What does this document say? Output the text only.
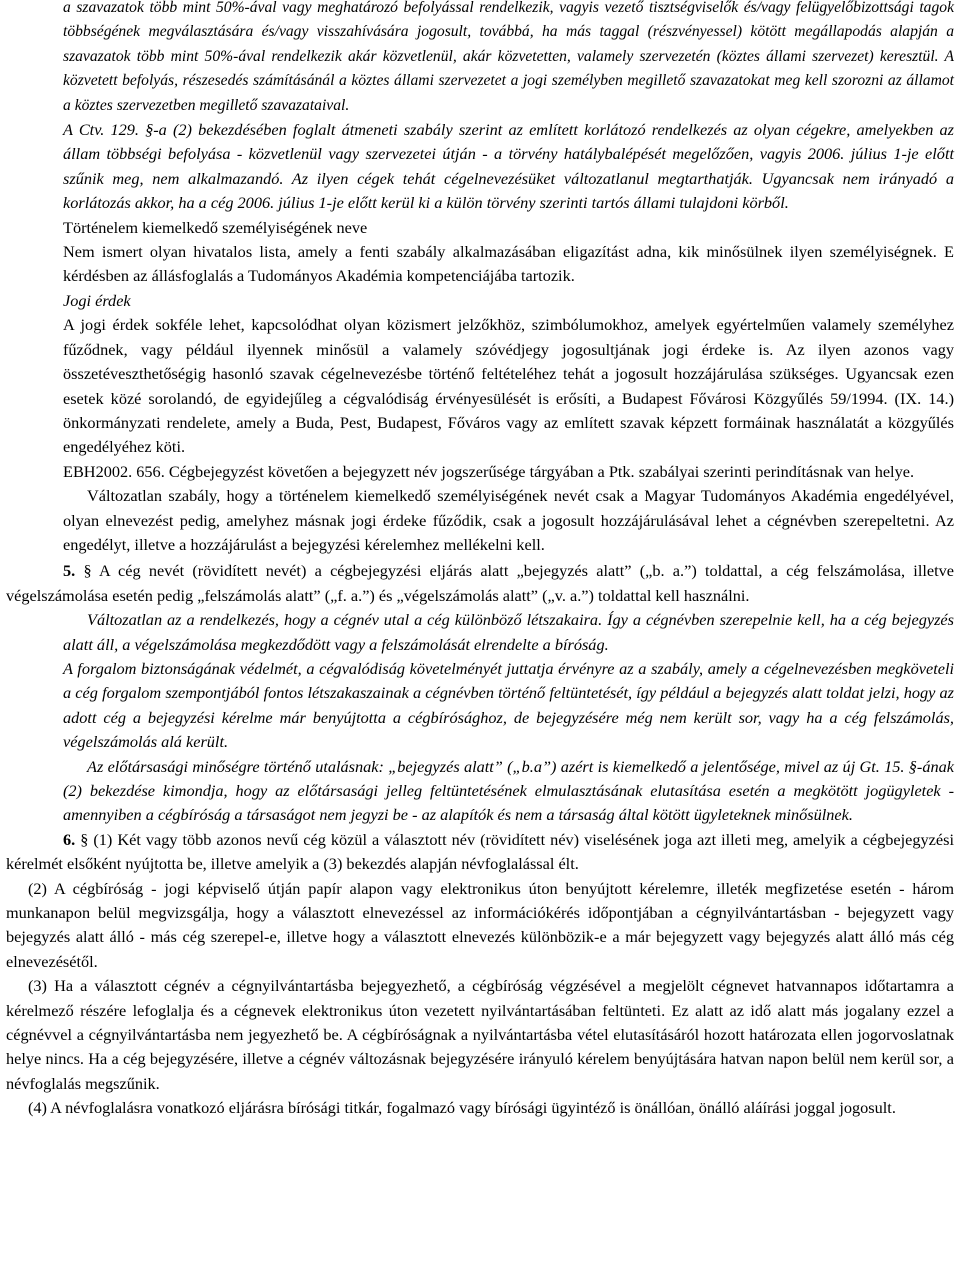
a szavazatok több mint 50%-ával vagy meghatározó befolyással rendelkezik, vagyis vezető tisztségviselők és/vagy felügyelőbizottsági tagok többségének megválasztására és/vagy visszahívására jogosult, továbbá, ha más taggal (részvényessel) kötött megállapodás alapján a szavazatok több mint 50%-ával rendelkezik akár közvetlenül, akár közvetetten, valamely szervezetén (köztes állami szervezet) keresztül. A közvetett befolyás, részesedés számításánál a köztes állami szervezetet a jogi személyben megillető szavazatokat meg kell szorozni az államot a köztes szervezetben megillető szavazataival.

A Ctv. 129. §-a (2) bekezdésében foglalt átmeneti szabály szerint az említett korlátozó rendelkezés az olyan cégekre, amelyekben az állam többségi befolyása - közvetlenül vagy szervezetei útján - a törvény hatálybalépését megelőzően, vagyis 2006. július 1-je előtt szűnik meg, nem alkalmazandó. Az ilyen cégek tehát cégelnevezésüket változatlanul megtarthatják. Ugyancsak nem irányadó a korlátozás akkor, ha a cég 2006. július 1-je előtt kerül ki a külön törvény szerinti tartós állami tulajdoni körből.

Történelem kiemelkedő személyiségének neve

Nem ismert olyan hivatalos lista, amely a fenti szabály alkalmazásában eligazítást adna, kik minősülnek ilyen személyiségnek. E kérdésben az állásfoglalás a Tudományos Akadémia kompetenciájába tartozik.

Jogi érdek

A jogi érdek sokféle lehet, kapcsolódhat olyan közismert jelzőkhöz, szimbólumokhoz, amelyek egyértelműen valamely személyhez fűződnek, vagy például ilyennek minősül a valamely szóvédjegy jogosultjának jogi érdeke is. Az ilyen azonos vagy összetéveszthetőségig hasonló szavak cégelnevezésbe történő feltételéhez tehát a jogosult hozzájárulása szükséges. Ugyancsak ezen esetek közé sorolandó, de egyidejűleg a cégvalódiság érvényesülését is erősíti, a Budapest Fővárosi Közgyűlés 59/1994. (IX. 14.) önkormányzati rendelete, amely a Buda, Pest, Budapest, Főváros vagy az említett szavak képzett formáinak használatát a közgyűlés engedélyéhez köti.

EBH2002. 656. Cégbejegyzést követően a bejegyzett név jogszerűsége tárgyában a Ptk. szabályai szerinti perindításnak van helye.

Változatlan szabály, hogy a történelem kiemelkedő személyiségének nevét csak a Magyar Tudományos Akadémia engedélyével, olyan elnevezést pedig, amelyhez másnak jogi érdeke fűződik, csak a jogosult hozzájárulásával lehet a cégnévben szerepeltetni. Az engedélyt, illetve a hozzájárulást a bejegyzési kérelemhez mellékelni kell.

5. § A cég nevét (rövidített nevét) a cégbejegyzési eljárás alatt „bejegyzés alatt” („b. a.”) toldattal, a cég felszámolása, illetve végelszámolása esetén pedig „felszámolás alatt” („f. a.”) és „végelszámolás alatt” („v. a.”) toldattal kell használni.

Változatlan az a rendelkezés, hogy a cégnév utal a cég különböző létszakaira. Így a cégnévben szerepelnie kell, ha a cég bejegyzés alatt áll, a végelszámolása megkezdődött vagy a felszámolását elrendelte a bíróság.

A forgalom biztonságának védelmét, a cégvalódiság követelményét juttatja érvényre az a szabály, amely a cégelnevezésben megköveteli a cég forgalom szempontjából fontos létszakaszainak a cégnévben történő feltüntetését, így például a bejegyzés alatt toldat jelzi, hogy az adott cég a bejegyzési kérelme már benyújtotta a cégbírósághoz, de bejegyzésére még nem került sor, vagy ha a cég felszámolás, végelszámolás alá került.

Az előtársasági minőségre történő utalásnak: „bejegyzés alatt” („b.a”) azért is kiemelkedő a jelentősége, mivel az új Gt. 15. §-ának (2) bekezdése kimondja, hogy az előtársasági jelleg feltüntetésének elmulasztásának elutasítása esetén a megkötött jogügyletek - amennyiben a cégbíróság a társaságot nem jegyzi be - az alapítók és nem a társaság által kötött ügyleteknek minősülnek.

6. § (1) Két vagy több azonos nevű cég közül a választott név (rövidített név) viselésének joga azt illeti meg, amelyik a cégbejegyzési kérelmét elsőként nyújtotta be, illetve amelyik a (3) bekezdés alapján névfoglalással élt.

(2) A cégbíróság - jogi képviselő útján papír alapon vagy elektronikus úton benyújtott kérelemre, illeték megfizetése esetén - három munkanapon belül megvizsgálja, hogy a választott elnevezéssel az információkérés időpontjában a cégnyilvántartásban - bejegyzett vagy bejegyzés alatt álló - más cég szerepel-e, illetve hogy a választott elnevezés különbözik-e a már bejegyzett vagy bejegyzés alatt álló más cég elnevezésétől.

(3) Ha a választott cégnév a cégnyilvántartásba bejegyezhető, a cégbíróság végzésével a megjelölt cégnevet hatvannapos időtartamra a kérelmező részére lefoglalja és a cégnevek elektronikus úton vezetett nyilvántartásában feltünteti. Ez alatt az idő alatt más jogalany ezzel a cégnévvel a cégnyilvántartásba nem jegyezhető be. A cégbíróságnak a nyilvántartásba vétel elutasításáról hozott határozata ellen jogorvoslatnak helye nincs. Ha a cég bejegyzésére, illetve a cégnév változásnak bejegyzésére irányuló kérelem benyújtására hatvan napon belül nem kerül sor, a névfoglalás megszűnik.

(4) A névfoglalásra vonatkozó eljárásra bírósági titkár, fogalmazó vagy bírósági ügyintéző is önállóan, önálló aláírási joggal jogosult.
